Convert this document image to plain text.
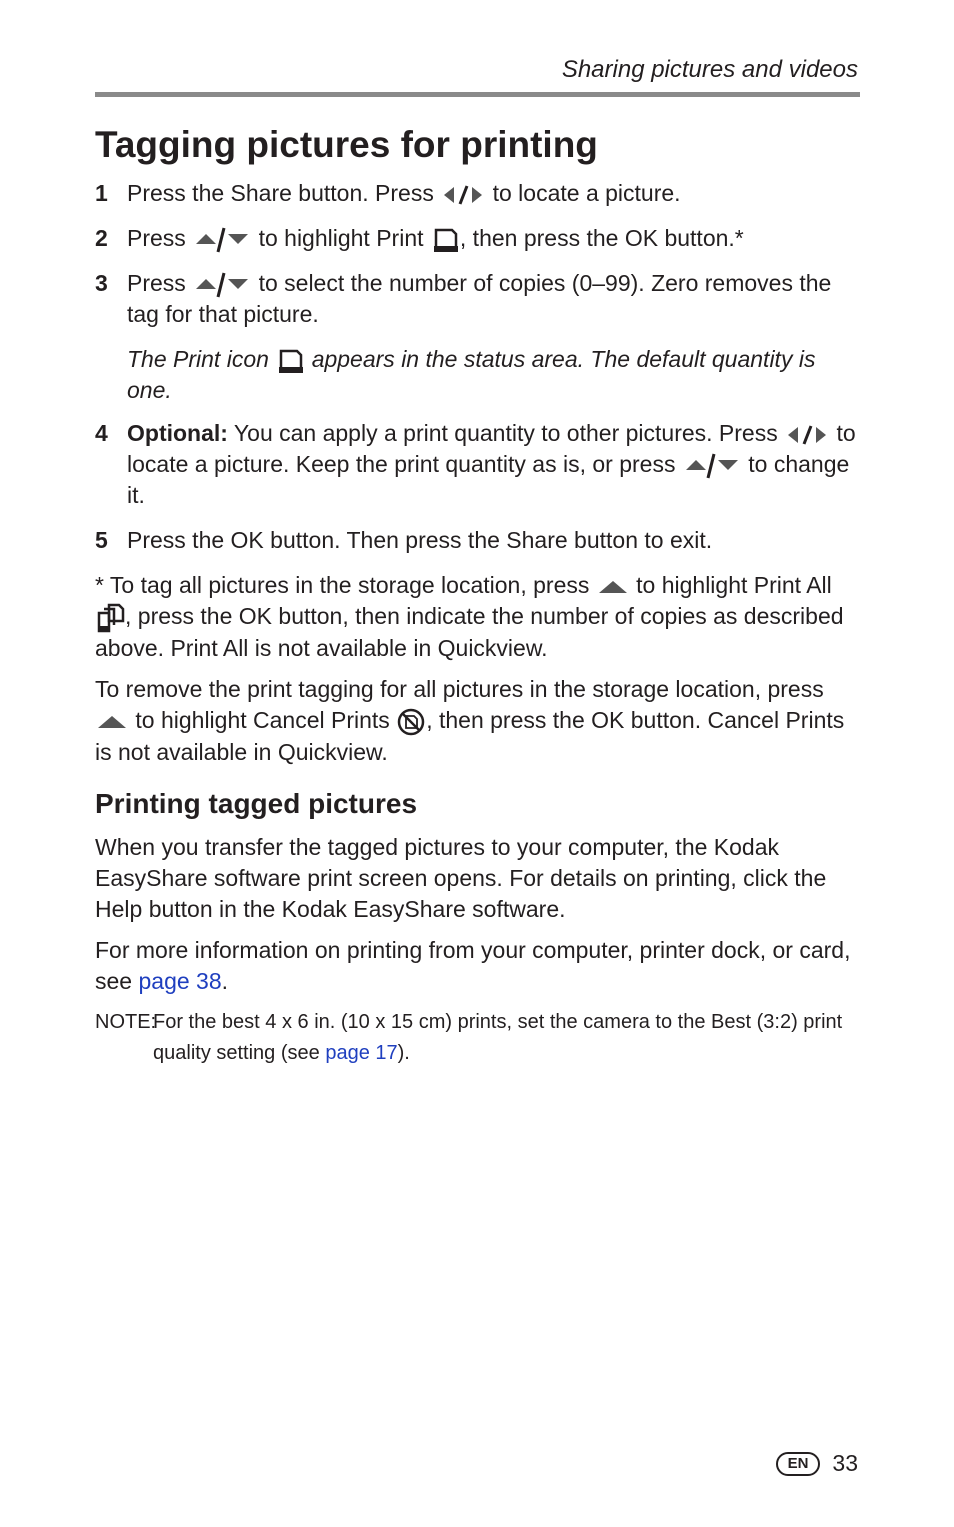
Sharing pictures and videos
Tagging pictures for printing
1 Press the Share button. Press	to locate a picture.
2 Press	to highlight Print , then press the OK button.*
3 Press	to select the number of copies (0–99). Zero removes the tag for that picture.
The Print icon appears in the status area. The default quantity is one.
4 Optional: You can apply a print quantity to other pictures. Press	to locate a picture. Keep the print quantity as is, or press	to change it.
5 Press the OK button. Then press the Share button to exit.

* To tag all pictures in the storage location, press to highlight Print All
, press the OK button, then indicate the number of copies as described above. Print All is not available in Quickview.

To remove the print tagging for all pictures in the storage location, press
to highlight Cancel Prints , then press the OK button. Cancel Prints is not available in Quickview.

Printing tagged pictures

When you transfer the tagged pictures to your computer, the Kodak EasyShare software print screen opens. For details on printing, click the Help button in the Kodak EasyShare software.

For more information on printing from your computer, printer dock, or card, see page 38.

NOTE:
For the best 4 x 6 in. (10 x 15 cm) prints, set the camera to the Best (3:2) print quality setting (see page 17).
EN	33
